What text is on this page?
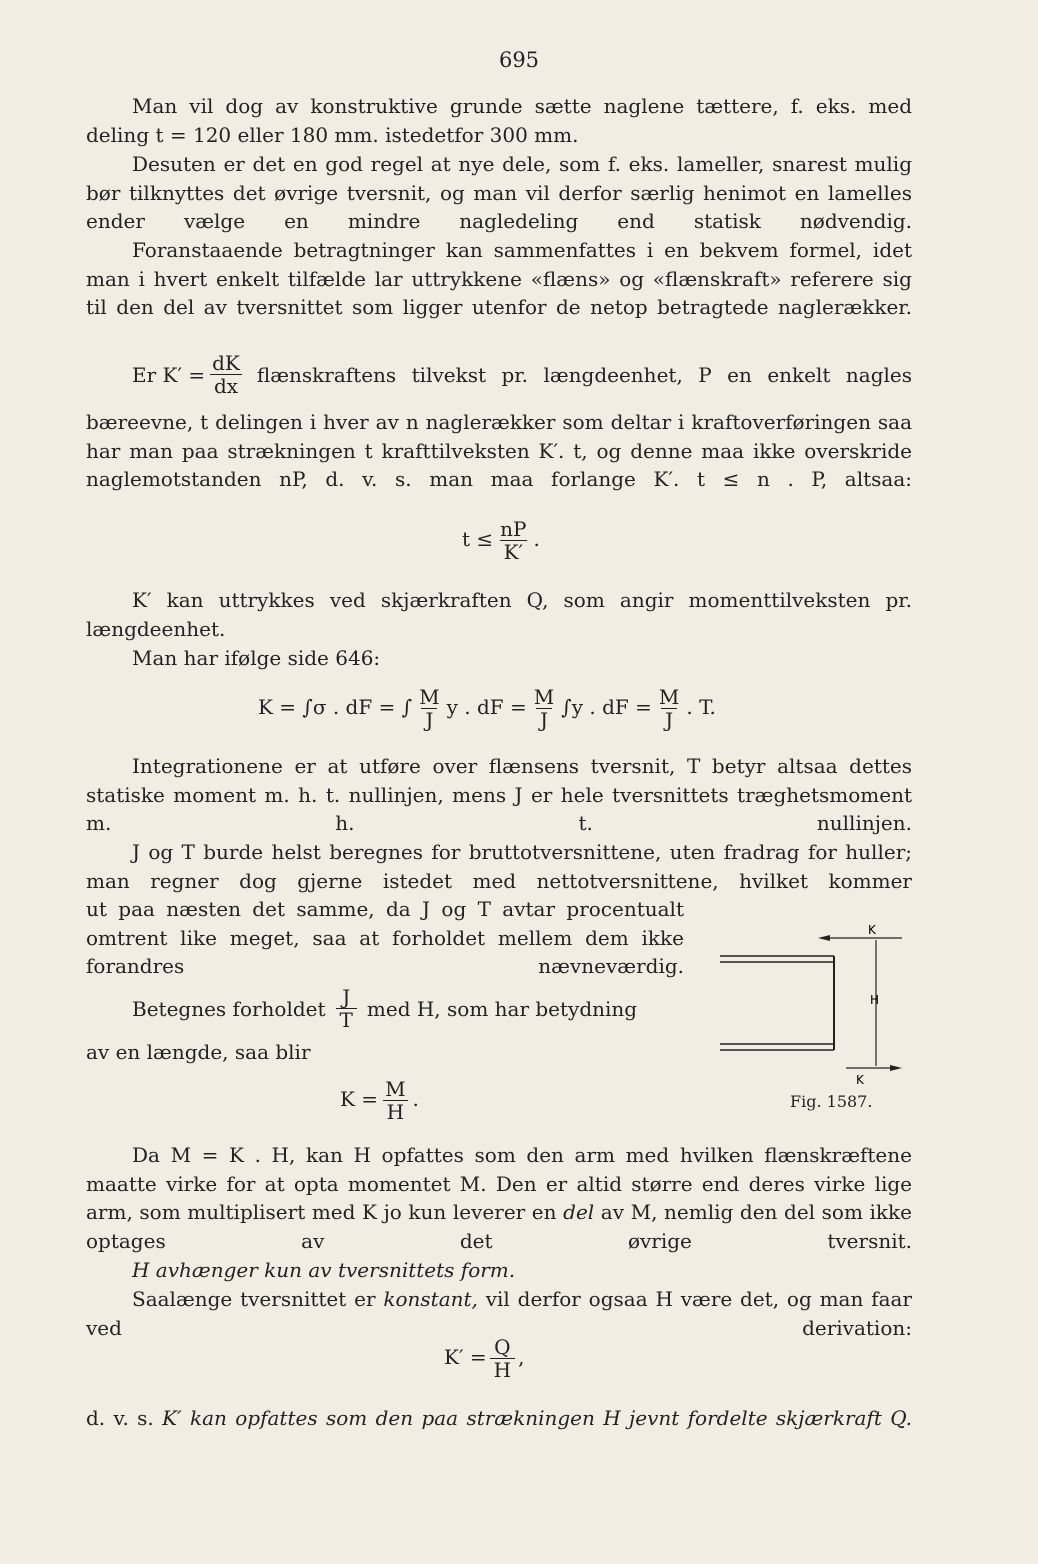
695

Man vil dog av konstruktive grunde sætte naglene tættere, f. eks. med deling t = 120 eller 180 mm. istedetfor 300 mm.

Desuten er det en god regel at nye dele, som f. eks. lameller, snarest mulig bør tilknyttes det øvrige tversnit, og man vil derfor særlig henimot en lamelles ender vælge en mindre nagledeling end statisk nødvendig.

Foranstaaende betragtninger kan sammenfattes i en bekvem formel, idet man i hvert enkelt tilfælde lar uttrykkene «flæns» og «flænskraft» referere sig til den del av tversnittet som ligger utenfor de netop betragtede naglerækker.

Er $K' = \frac{dK}{dx}$ flænskraftens tilvekst pr. længdeenhet, P en enkelt nagles

bæreevne, t delingen i hver av n naglerækker som deltar i kraftoverføringen saa har man paa strækningen t krafttilveksten K′. t, og denne maa ikke overskride naglemotstanden nP, d. v. s. man maa forlange K′. t ≤ n . P, altsaa:

$t \le \frac{nP}{K'}$ .

K′ kan uttrykkes ved skjærkraften Q, som angir momenttilveksten pr. længdeenhet.

Man har ifølge side 646:

K = ∫σ . dF = ∫ $\frac{M}{J}$ y . dF = $\frac{M}{J} \int y$ . dF = $\frac{M}{J}$ . T.

Integrationene er at utføre over flænsens tversnit, T betyr altsaa dettes statiske moment m. h. t. nullinjen, mens J er hele tversnittets træghetsmoment m. h. t. nullinjen.

J og T burde helst beregnes for bruttotversnittene, uten fradrag for huller; man regner dog gjerne istedet med nettotversnittene, hvilket kommer

ut paa næsten det samme, da J og T avtar procentualt omtrent like meget, saa at forholdet mellem dem ikke forandres nævneværdig.

Betegnes forholdet $\frac{J}{T}$ med H, som har betydning

av en længde, saa blir

$K = \frac{M}{H}$ .
K
H
K
Fig. 1587.

Da M = K . H, kan H opfattes som den arm med hvilken flænskræftene maatte virke for at opta momentet M. Den er altid større end deres virke lige arm, som multiplisert med K jo kun leverer en del av M, nemlig den del som ikke optages av det øvrige tversnit.

H avhænger kun av tversnittets form.

Saalænge tversnittet er konstant, vil derfor ogsaa H være det, og man faar ved derivation:

$K' = \frac{Q}{H}$ ,

d. v. s. K′ kan opfattes som den paa strækningen H jevnt fordelte skjærkraft Q.
